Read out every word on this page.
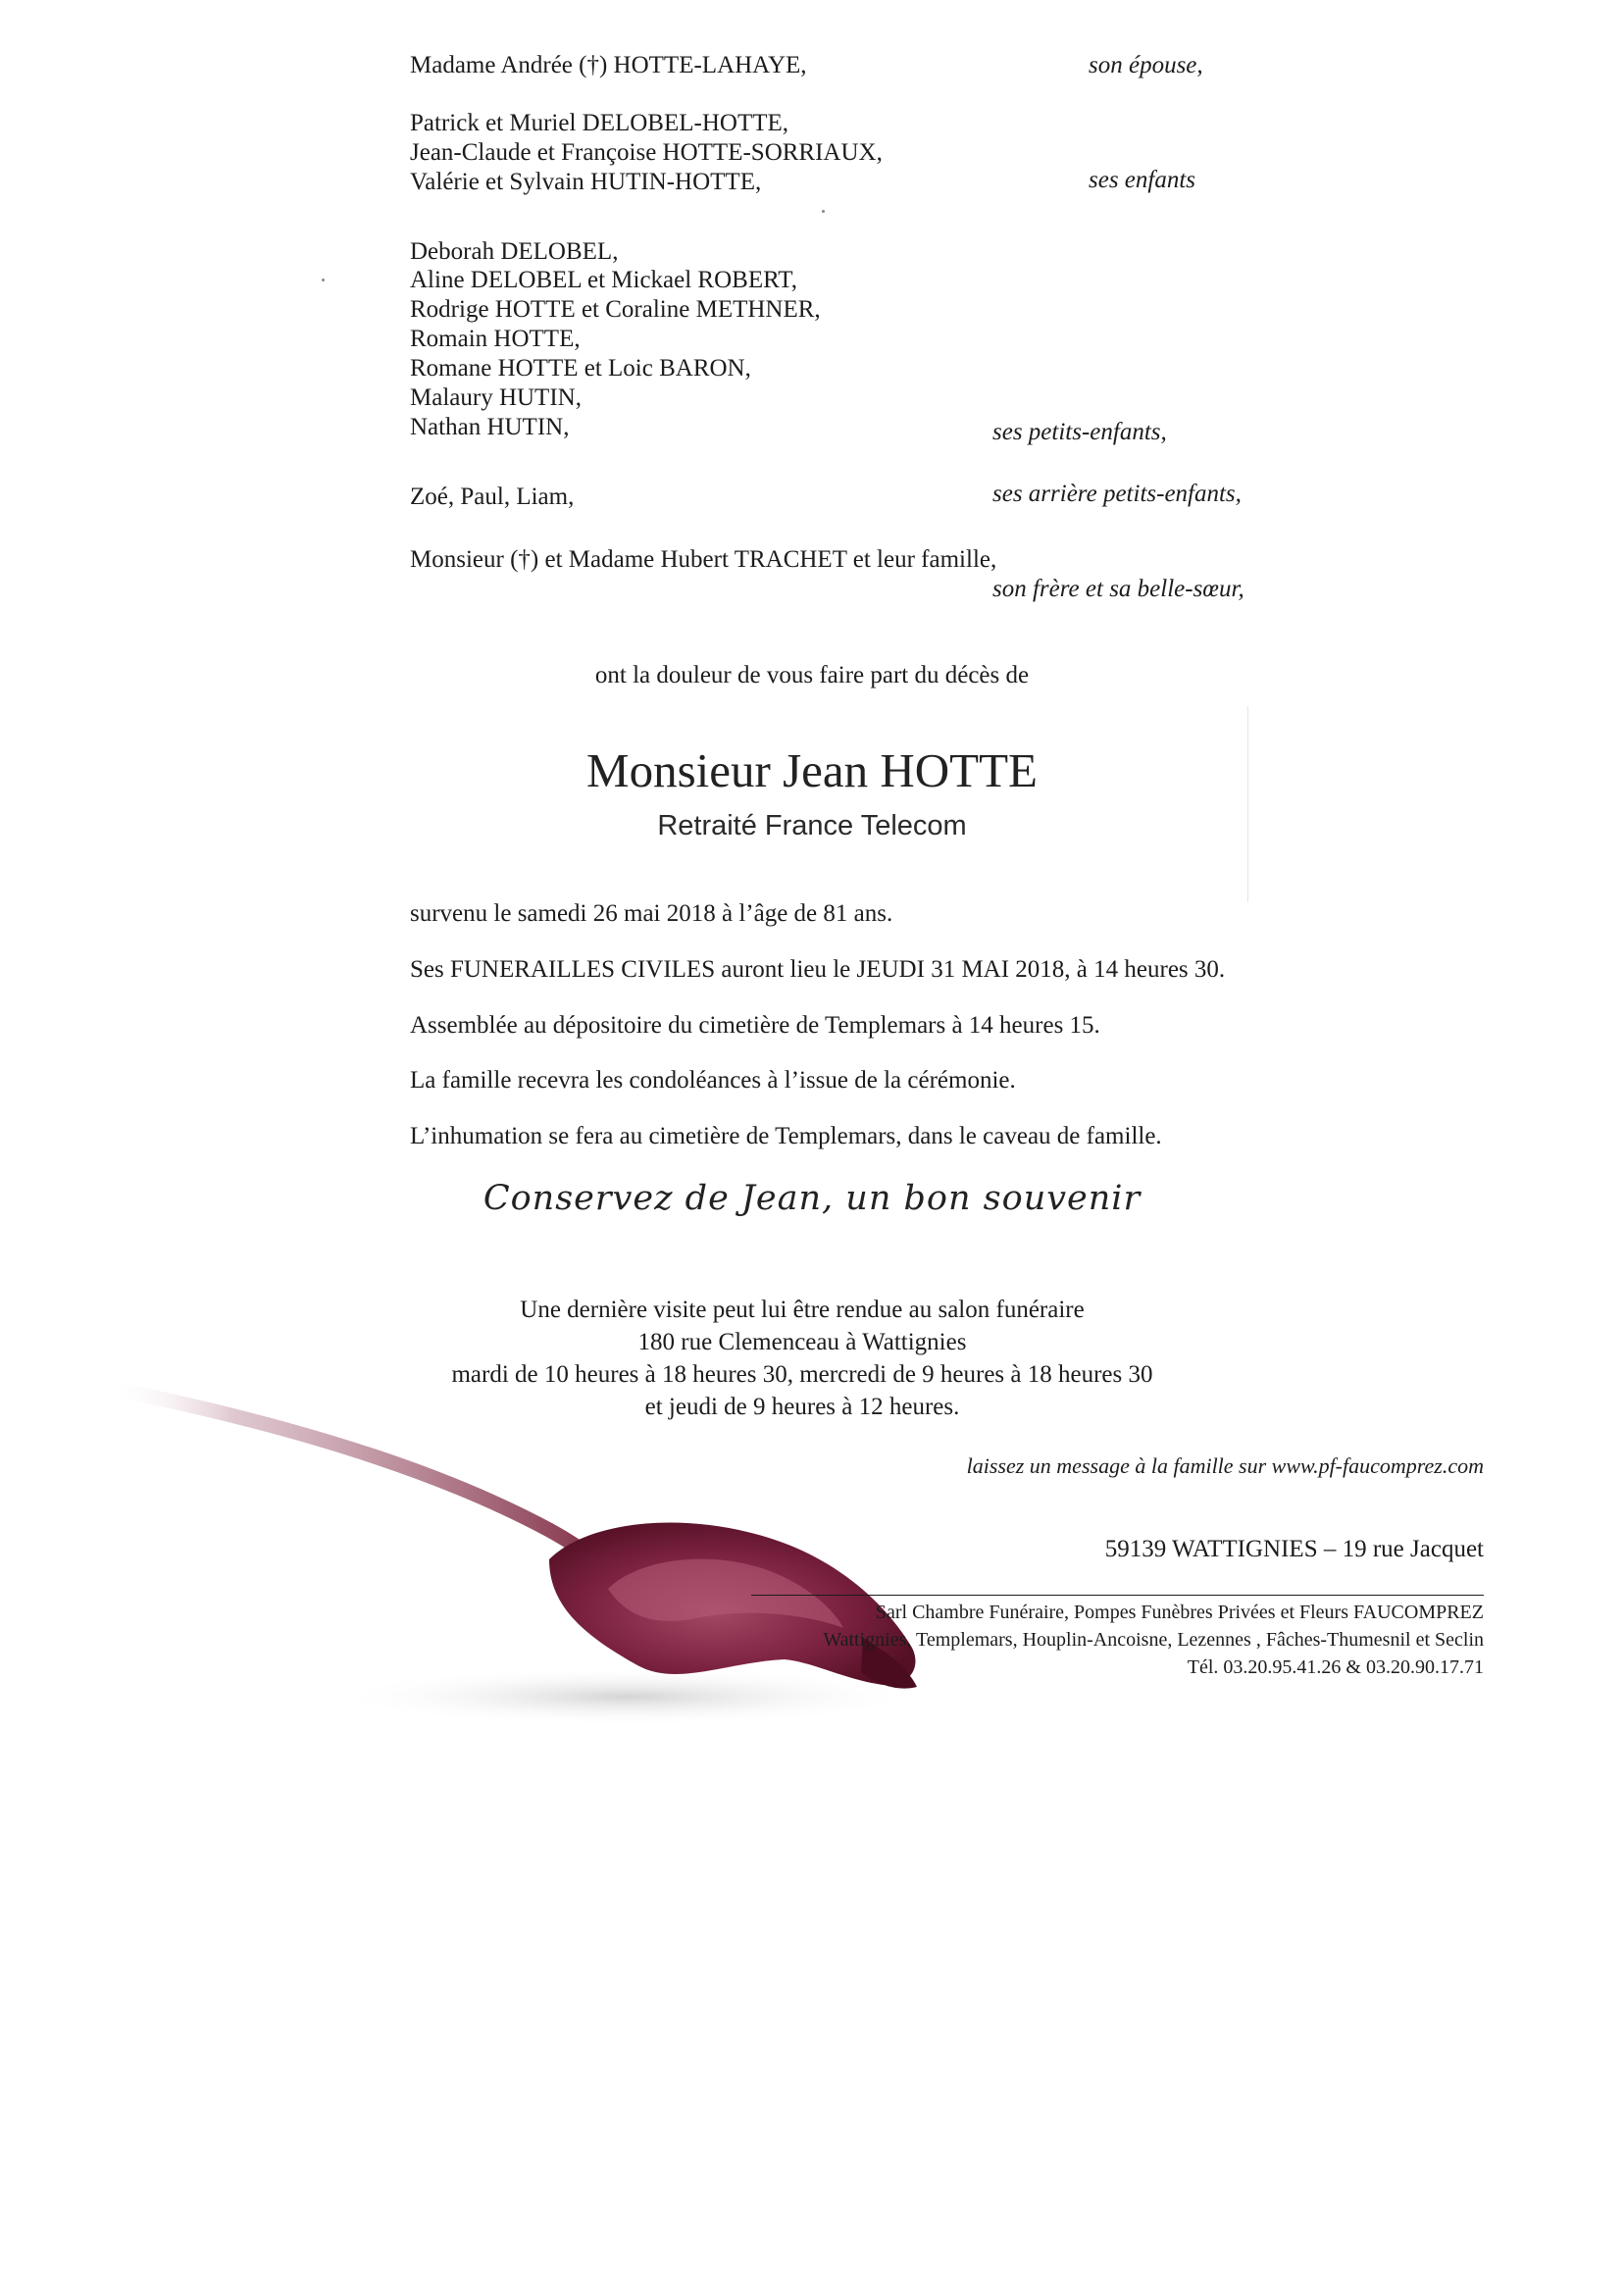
Madame Andrée (†) HOTTE-LAHAYE,	son épouse,
Patrick et Muriel DELOBEL-HOTTE,
Jean-Claude et Françoise HOTTE-SORRIAUX,
Valérie et Sylvain HUTIN-HOTTE,	ses enfants
Deborah DELOBEL,
Aline DELOBEL et Mickael ROBERT,
Rodrige HOTTE et Coraline METHNER,
Romain HOTTE,
Romane HOTTE et Loic BARON,
Malaury HUTIN,
Nathan HUTIN,	ses petits-enfants,
Zoé, Paul, Liam,	ses arrière petits-enfants,
Monsieur (†) et Madame Hubert TRACHET et leur famille,
son frère et sa belle-sœur,
ont la douleur de vous faire part du décès de
Monsieur Jean HOTTE
Retraité France Telecom
survenu le samedi 26 mai 2018 à l’âge de 81 ans.
Ses FUNERAILLES CIVILES auront lieu le JEUDI 31 MAI 2018, à 14 heures 30.
Assemblée au dépositoire du cimetière de Templemars à 14 heures 15.
La famille recevra les condoléances à l’issue de la cérémonie.
L’inhumation se fera au cimetière de Templemars, dans le caveau de famille.
Conservez de Jean, un bon souvenir
Une dernière visite peut lui être rendue au salon funéraire
180 rue Clemenceau à Wattignies
mardi de 10 heures à 18 heures 30, mercredi de 9 heures à 18 heures 30
et jeudi de 9 heures à 12 heures.
laissez un message à la famille sur www.pf-faucomprez.com
59139 WATTIGNIES – 19 rue Jacquet
Sarl Chambre Funéraire, Pompes Funèbres Privées et Fleurs FAUCOMPREZ
Wattignies, Templemars, Houplin-Ancoisne, Lezennes , Fâches-Thumesnil et Seclin
Tél. 03.20.95.41.26 & 03.20.90.17.71
